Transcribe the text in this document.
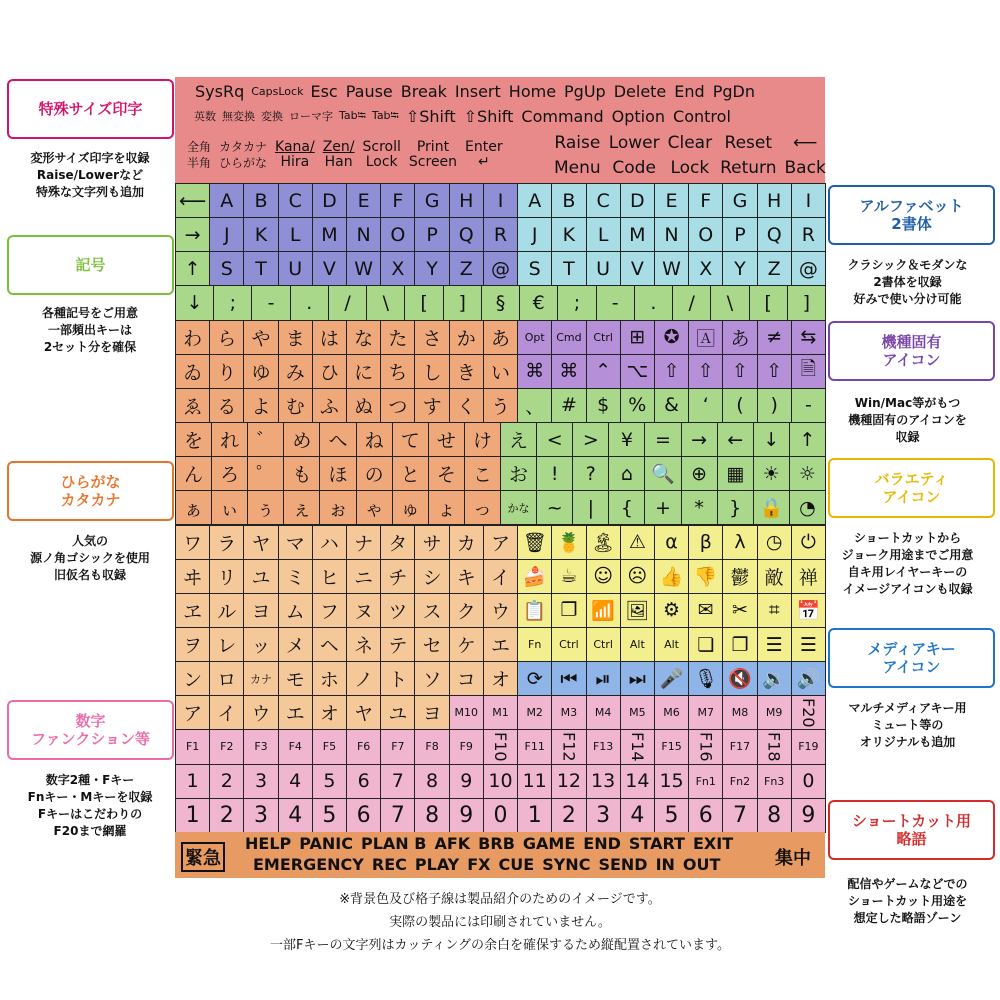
特殊サイズ印字
変形サイズ印字を収録
Raise/Lowerなど
特殊な文字列も追加
記号
各種記号をご用意
一部頻出キーは
2セット分を確保
ひらがな
カタカナ
人気の
源ノ角ゴシックを使用
旧仮名も収録
数字
ファンクション等
数字2種・Fキー
Fnキー・Mキーを収録
Fキーはこだわりの
F20まで網羅
アルファベット
2書体
クラシック＆モダンな
2書体を収録
好みで使い分け可能
機種固有
アイコン
Win/Mac等がもつ
機種固有のアイコンを
収録
バラエティ
アイコン
ショートカットから
ジョーク用途までご用意
自キ用レイヤーキーの
イメージアイコンも収録
メディアキー
アイコン
マルチメディアキー用
ミュート等の
オリジナルも追加
ショートカット用
略語
配信やゲームなどでの
ショートカット用途を
想定した略語ゾーン
SysRq CapsLock Esc Pause Break Insert Home PgUp Delete End PgDn
英数 無変換 変換 ローマ字 Tab⭾ Tab⭾ ⇧Shift ⇧Shift Command Option Control
全角
半角
カタカナ
ひらがな
Kana/
Hira
Zen/
Han
Scroll
Lock
Print
Screen
Enter
↵
Raise
Menu
Lower
Code
Clear
Lock
Reset
Return
⟵
Back
⟵ A B C D E F G H I A B C D E F G H I
→ J K L M N O P Q R J K L M N O P Q R
↑ S T U V W X Y Z @ S T U V W X Y Z @
↓ ; - . / \ [ ] § € ; - . / \ [ ]
わ ら や ま は な た さ か あ Opt Cmd Ctrl ⊞ ✪ 🄰 あ ≠ ⇆
ゐ り ゆ み ひ に ち し き い ⌘ ⌘ ⌃ ⌥ ⇧ ⇧ ⇧ ⇧ 🗎
ゑ る よ む ふ ぬ つ す く う 、 # $ % & ‘ ( ) -
を れ ゛ め へ ね て せ け え < > ¥ = → ← ↓ ↑
ん ろ ゜ も ほ の と そ こ お ! ? ⌂ 🔍 ⊕ ▦ ☀ ☼
ぁ ぃ ぅ ぇ ぉ ゃ ゅ ょ っ かな ~ | { + * } 🔒 ◔
ワ ラ ヤ マ ハ ナ タ サ カ ア 🗑 🍍 🏝 ⚠ α β λ ◷ ⏻
ヰ リ ユ ミ ヒ ニ チ シ キ イ 🍰 ☕ ☺ ☹ 👍 👎 鬱 敵 禅
ヱ ル ヨ ム フ ヌ ツ ス ク ウ 📋 ❐ 📶 🖼 ⚙ ✉ ✂ ⌗ 📅
ヲ レ ッ メ ヘ ネ テ セ ケ エ Fn Ctrl Ctrl Alt Alt ❏ ❐ ☰ ☰
ン ロ カナ モ ホ ノ ト ソ コ オ ⟳ ⏮ ⏯ ⏭ 🎤 🎙 🔇 🔉 🔊
ア イ ウ エ オ ヤ ユ ヨ M10 M1 M2 M3 M4 M5 M6 M7 M8 M9 F20
F1 F2 F3 F4 F5 F6 F7 F8 F9 F10 F11 F12 F13 F14 F15 F16 F17 F18 F19
1 2 3 4 5 6 7 8 9 10 11 12 13 14 15 Fn1 Fn2 Fn3 0
1 2 3 4 5 6 7 8 9 0 1 2 3 4 5 6 7 8 9
緊急
HELP PANIC PLAN B AFK BRB GAME END START EXIT
EMERGENCY REC PLAY FX CUE SYNC SEND IN OUT	集中
※背景色及び格子線は製品紹介のためのイメージです。
実際の製品には印刷されていません。
一部Fキーの文字列はカッティングの余白を確保するため縦配置されています。
